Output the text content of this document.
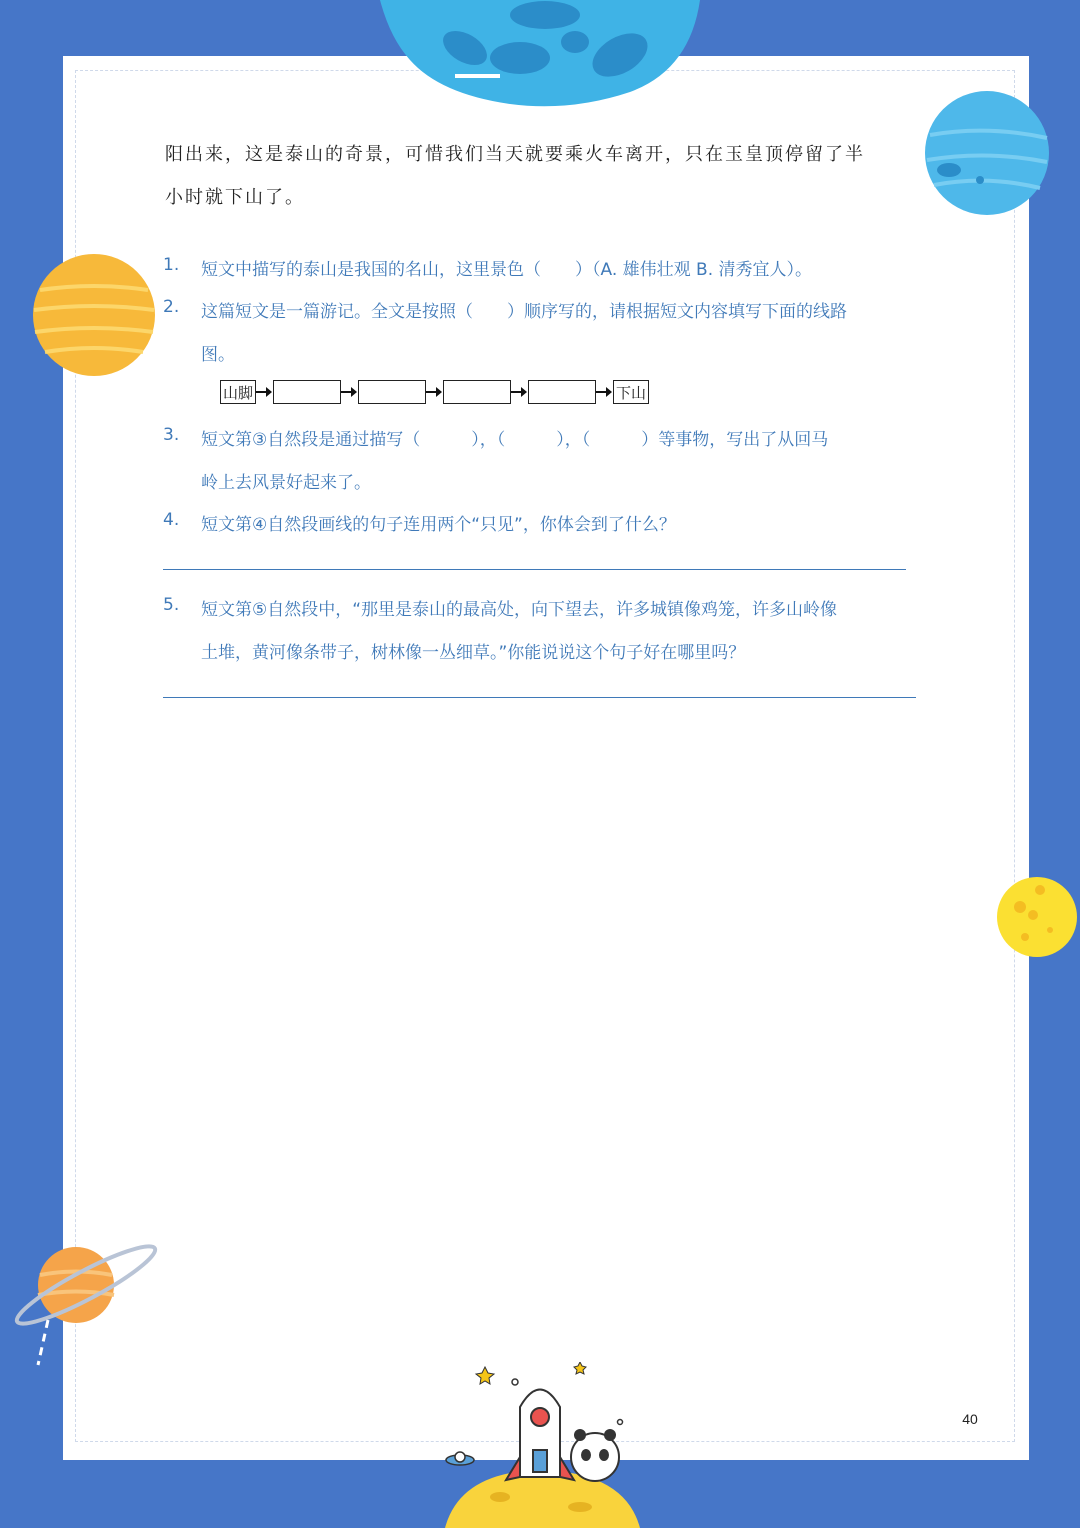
阳出来，这是泰山的奇景，可惜我们当天就要乘火车离开，只在玉皇顶停留了半
小时就下山了。
1.	短文中描写的泰山是我国的名山，这里景色（　　）（A. 雄伟壮观 B. 清秀宜人）。
2.	这篇短文是一篇游记。全文是按照（　　）顺序写的，请根据短文内容填写下面的线路
图。
山脚	下山
3.	短文第③自然段是通过描写（　　　），（　　　），（　　　）等事物，写出了从回马
岭上去风景好起来了。
4.	短文第④自然段画线的句子连用两个“只见”，你体会到了什么？
5.	短文第⑤自然段中，“那里是泰山的最高处，向下望去，许多城镇像鸡笼，许多山岭像
土堆，黄河像条带子，树林像一丛细草。”你能说说这个句子好在哪里吗？
40
